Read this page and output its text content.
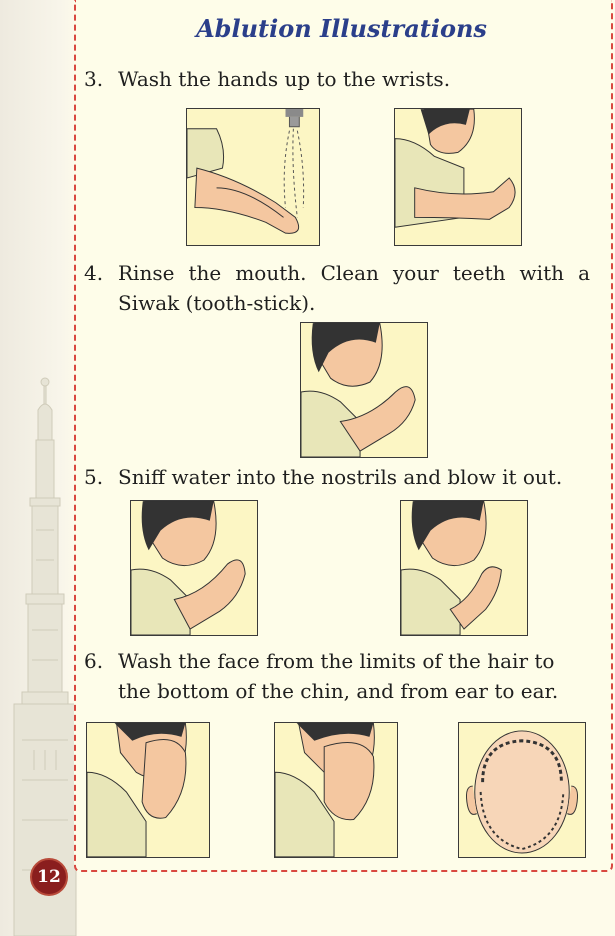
Ablution Illustrations
3. Wash the hands up to the wrists.
4. Rinse the mouth. Clean your teeth with a Siwak (tooth-stick).
5. Sniff water into the nostrils and blow it out.
6. Wash the face from the limits of the hair to the bottom of the chin, and from ear to ear.
12
